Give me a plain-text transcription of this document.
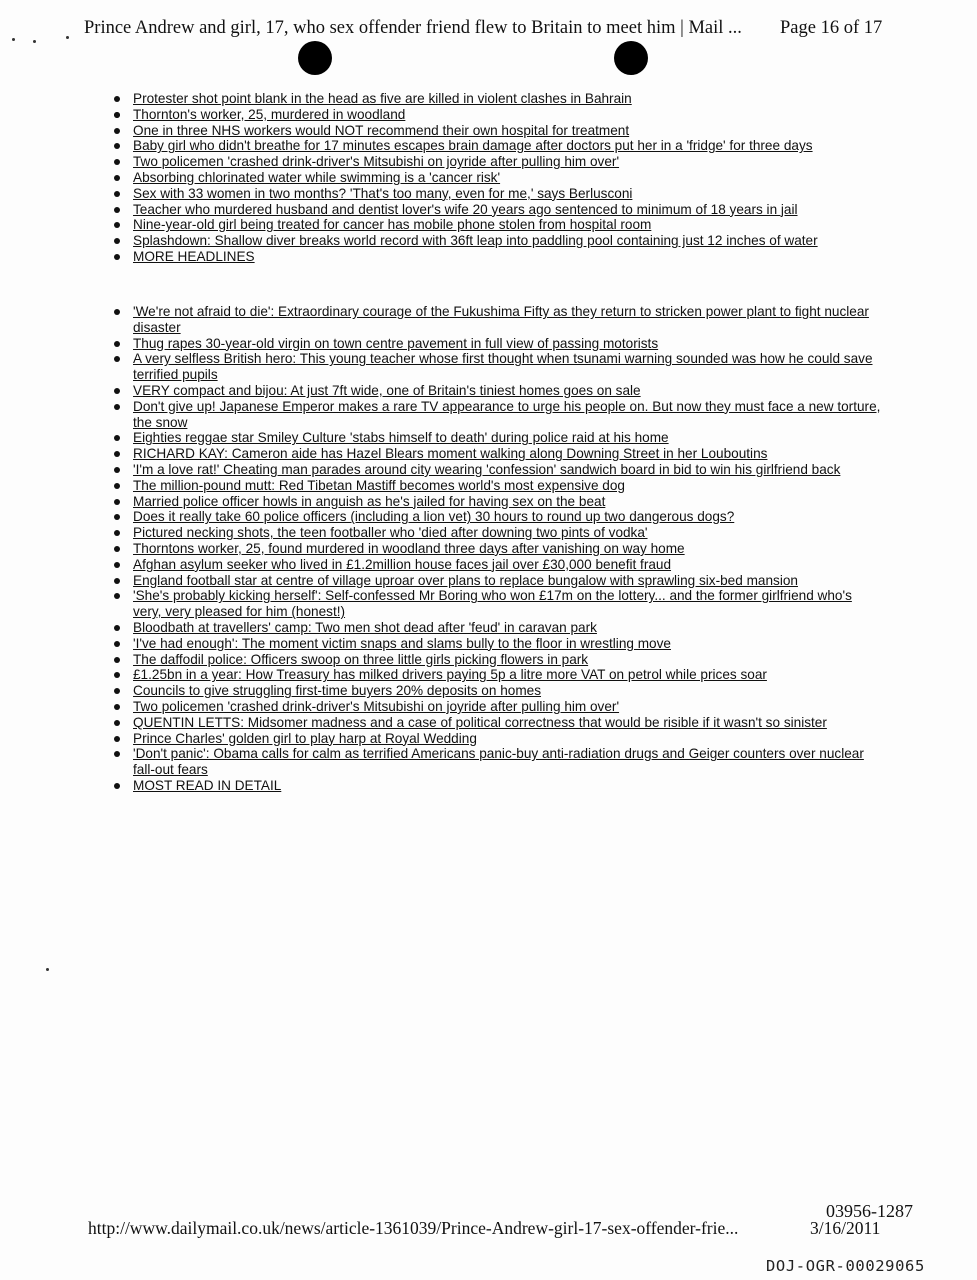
Prince Andrew and girl, 17, who sex offender friend flew to Britain to meet him | Mail ... Page 16 of 17
Protester shot point blank in the head as five are killed in violent clashes in Bahrain
Thornton's worker, 25, murdered in woodland
One in three NHS workers would NOT recommend their own hospital for treatment
Baby girl who didn't breathe for 17 minutes escapes brain damage after doctors put her in a 'fridge' for three days
Two policemen 'crashed drink-driver's Mitsubishi on joyride after pulling him over'
Absorbing chlorinated water while swimming is a 'cancer risk'
Sex with 33 women in two months? 'That's too many, even for me,' says Berlusconi
Teacher who murdered husband and dentist lover's wife 20 years ago sentenced to minimum of 18 years in jail
Nine-year-old girl being treated for cancer has mobile phone stolen from hospital room
Splashdown: Shallow diver breaks world record with 36ft leap into paddling pool containing just 12 inches of water
MORE HEADLINES
'We're not afraid to die': Extraordinary courage of the Fukushima Fifty as they return to stricken power plant to fight nuclear disaster
Thug rapes 30-year-old virgin on town centre pavement in full view of passing motorists
A very selfless British hero: This young teacher whose first thought when tsunami warning sounded was how he could save terrified pupils
VERY compact and bijou: At just 7ft wide, one of Britain's tiniest homes goes on sale
Don't give up! Japanese Emperor makes a rare TV appearance to urge his people on. But now they must face a new torture, the snow
Eighties reggae star Smiley Culture 'stabs himself to death' during police raid at his home
RICHARD KAY: Cameron aide has Hazel Blears moment walking along Downing Street in her Louboutins
'I'm a love rat!' Cheating man parades around city wearing 'confession' sandwich board in bid to win his girlfriend back
The million-pound mutt: Red Tibetan Mastiff becomes world's most expensive dog
Married police officer howls in anguish as he's jailed for having sex on the beat
Does it really take 60 police officers (including a lion vet) 30 hours to round up two dangerous dogs?
Pictured necking shots, the teen footballer who 'died after downing two pints of vodka'
Thorntons worker, 25, found murdered in woodland three days after vanishing on way home
Afghan asylum seeker who lived in £1.2million house faces jail over £30,000 benefit fraud
England football star at centre of village uproar over plans to replace bungalow with sprawling six-bed mansion
'She's probably kicking herself': Self-confessed Mr Boring who won £17m on the lottery... and the former girlfriend who's very, very pleased for him (honest!)
Bloodbath at travellers' camp: Two men shot dead after 'feud' in caravan park
'I've had enough': The moment victim snaps and slams bully to the floor in wrestling move
The daffodil police: Officers swoop on three little girls picking flowers in park
£1.25bn in a year: How Treasury has milked drivers paying 5p a litre more VAT on petrol while prices soar
Councils to give struggling first-time buyers 20% deposits on homes
Two policemen 'crashed drink-driver's Mitsubishi on joyride after pulling him over'
QUENTIN LETTS: Midsomer madness and a case of political correctness that would be risible if it wasn't so sinister
Prince Charles' golden girl to play harp at Royal Wedding
'Don't panic': Obama calls for calm as terrified Americans panic-buy anti-radiation drugs and Geiger counters over nuclear fall-out fears
MOST READ IN DETAIL
03956-1287
http://www.dailymail.co.uk/news/article-1361039/Prince-Andrew-girl-17-sex-offender-frie...	3/16/2011
DOJ-OGR-00029065
